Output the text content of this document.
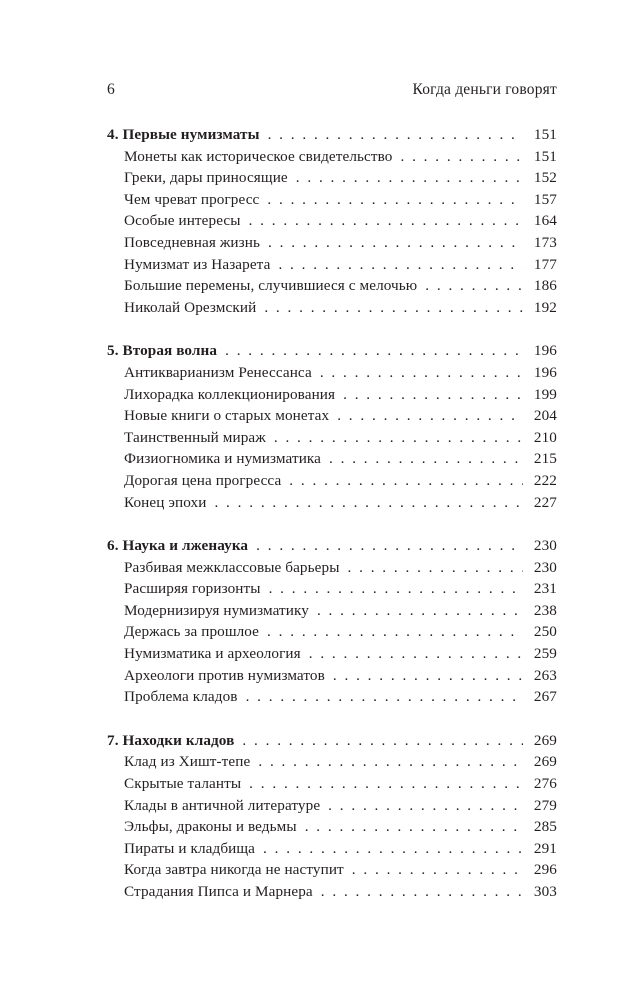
6	Когда деньги говорят
4. Первые нумизматы . . .	151
Монеты как историческое свидетельство . . .	151
Греки, дары приносящие . . .	152
Чем чреват прогресс . . .	157
Особые интересы . . .	164
Повседневная жизнь . . .	173
Нумизмат из Назарета . . .	177
Большие перемены, случившиеся с мелочью . . .	186
Николай Орезмский . . .	192
5. Вторая волна . . .	196
Антикварианизм Ренессанса . . .	196
Лихорадка коллекционирования . . .	199
Новые книги о старых монетах . . .	204
Таинственный мираж . . .	210
Физиогномика и нумизматика . . .	215
Дорогая цена прогресса . . .	222
Конец эпохи . . .	227
6. Наука и лженаука . . .	230
Разбивая межклассовые барьеры . . .	230
Расширяя горизонты . . .	231
Модернизируя нумизматику . . .	238
Держась за прошлое . . .	250
Нумизматика и археология . . .	259
Археологи против нумизматов . . .	263
Проблема кладов . . .	267
7. Находки кладов . . .	269
Клад из Хишт-тепе . . .	269
Скрытые таланты . . .	276
Клады в античной литературе . . .	279
Эльфы, драконы и ведьмы . . .	285
Пираты и кладбища . . .	291
Когда завтра никогда не наступит . . .	296
Страдания Пипса и Марнера . . .	303
